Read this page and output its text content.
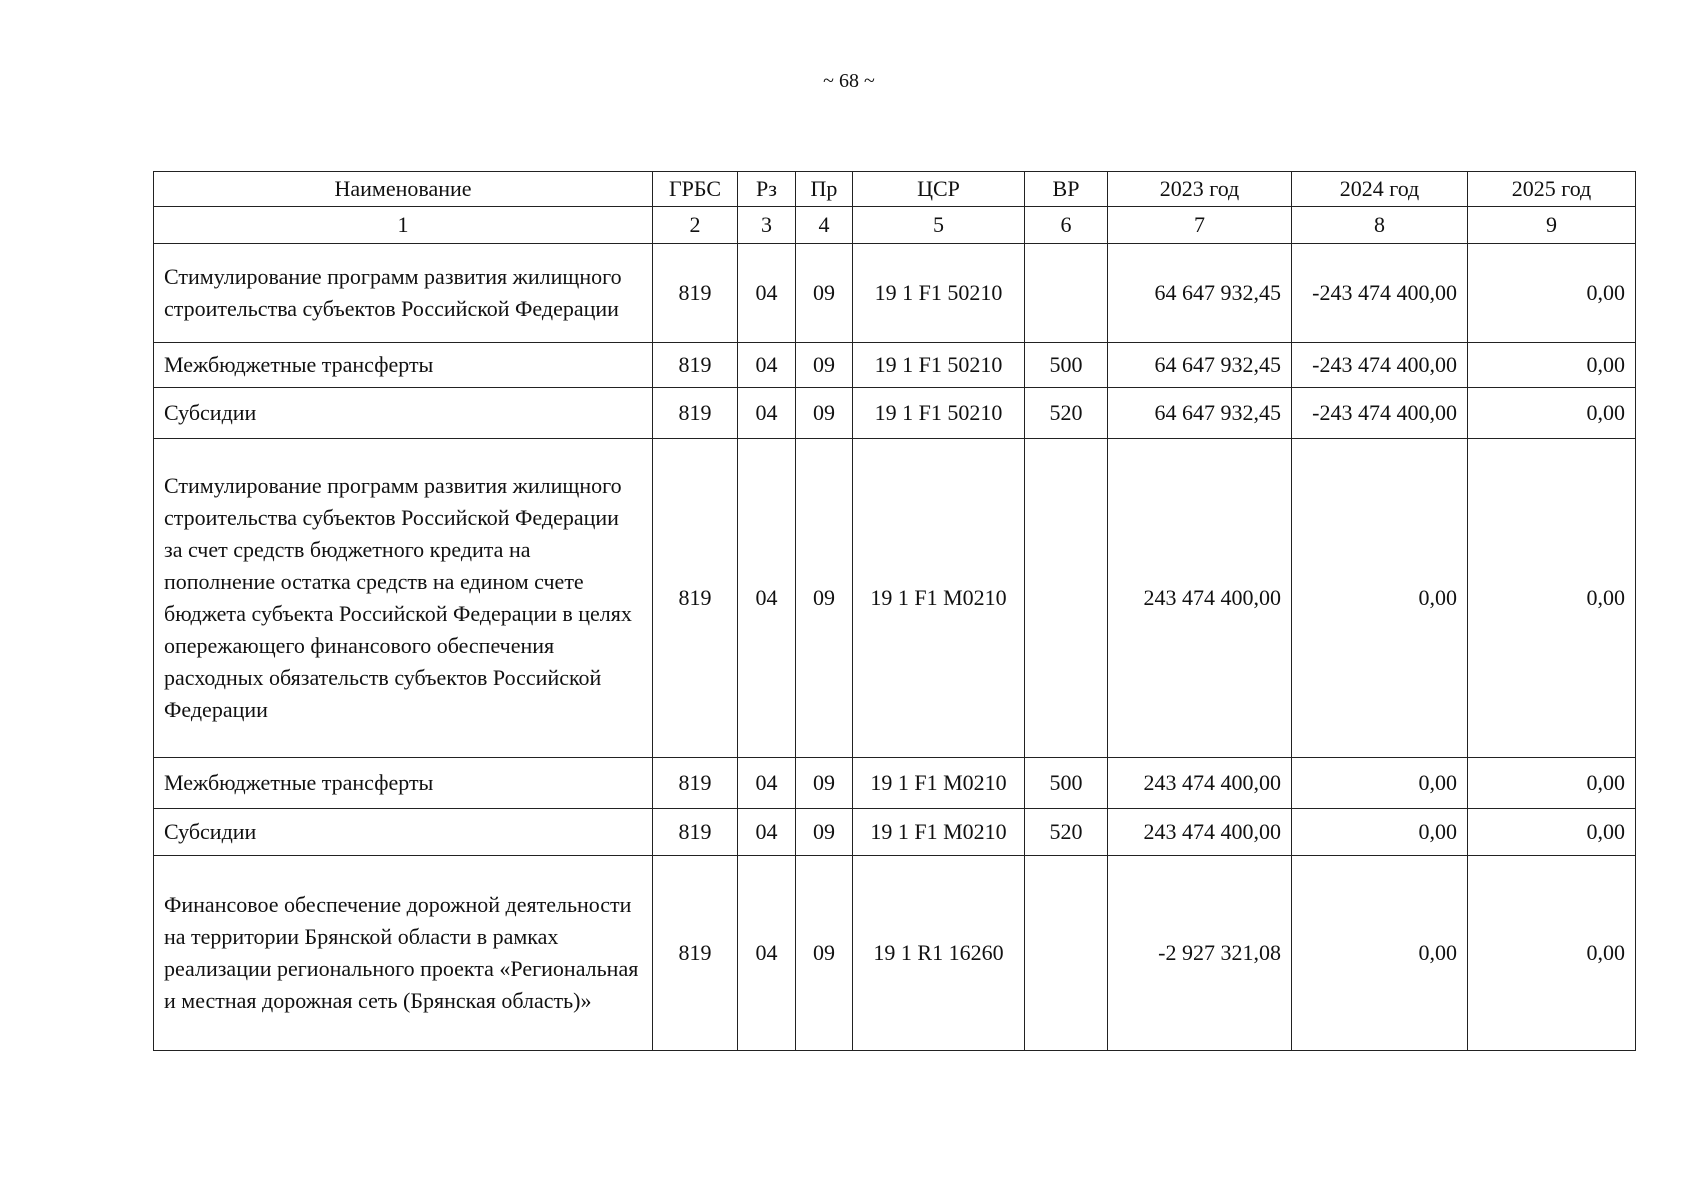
~ 68 ~
Наименование	ГРБС	Рз	Пр	ЦСР	ВР	2023 год	2024 год	2025 год
1	2	3	4	5	6	7	8	9
Стимулирование программ развития жилищного строительства субъектов Российской Федерации	819	04	09	19 1 F1 50210		64 647 932,45	-243 474 400,00	0,00
Межбюджетные трансферты	819	04	09	19 1 F1 50210	500	64 647 932,45	-243 474 400,00	0,00
Субсидии	819	04	09	19 1 F1 50210	520	64 647 932,45	-243 474 400,00	0,00
Стимулирование программ развития жилищного строительства субъектов Российской Федерации за счет средств бюджетного кредита на пополнение остатка средств на едином счете бюджета субъекта Российской Федерации в целях опережающего финансового обеспечения расходных обязательств субъектов Российской Федерации	819	04	09	19 1 F1 M0210		243 474 400,00	0,00	0,00
Межбюджетные трансферты	819	04	09	19 1 F1 M0210	500	243 474 400,00	0,00	0,00
Субсидии	819	04	09	19 1 F1 M0210	520	243 474 400,00	0,00	0,00
Финансовое обеспечение дорожной деятельности на территории Брянской области в рамках реализации регионального проекта «Региональная и местная дорожная сеть (Брянская область)»	819	04	09	19 1 R1 16260		-2 927 321,08	0,00	0,00
